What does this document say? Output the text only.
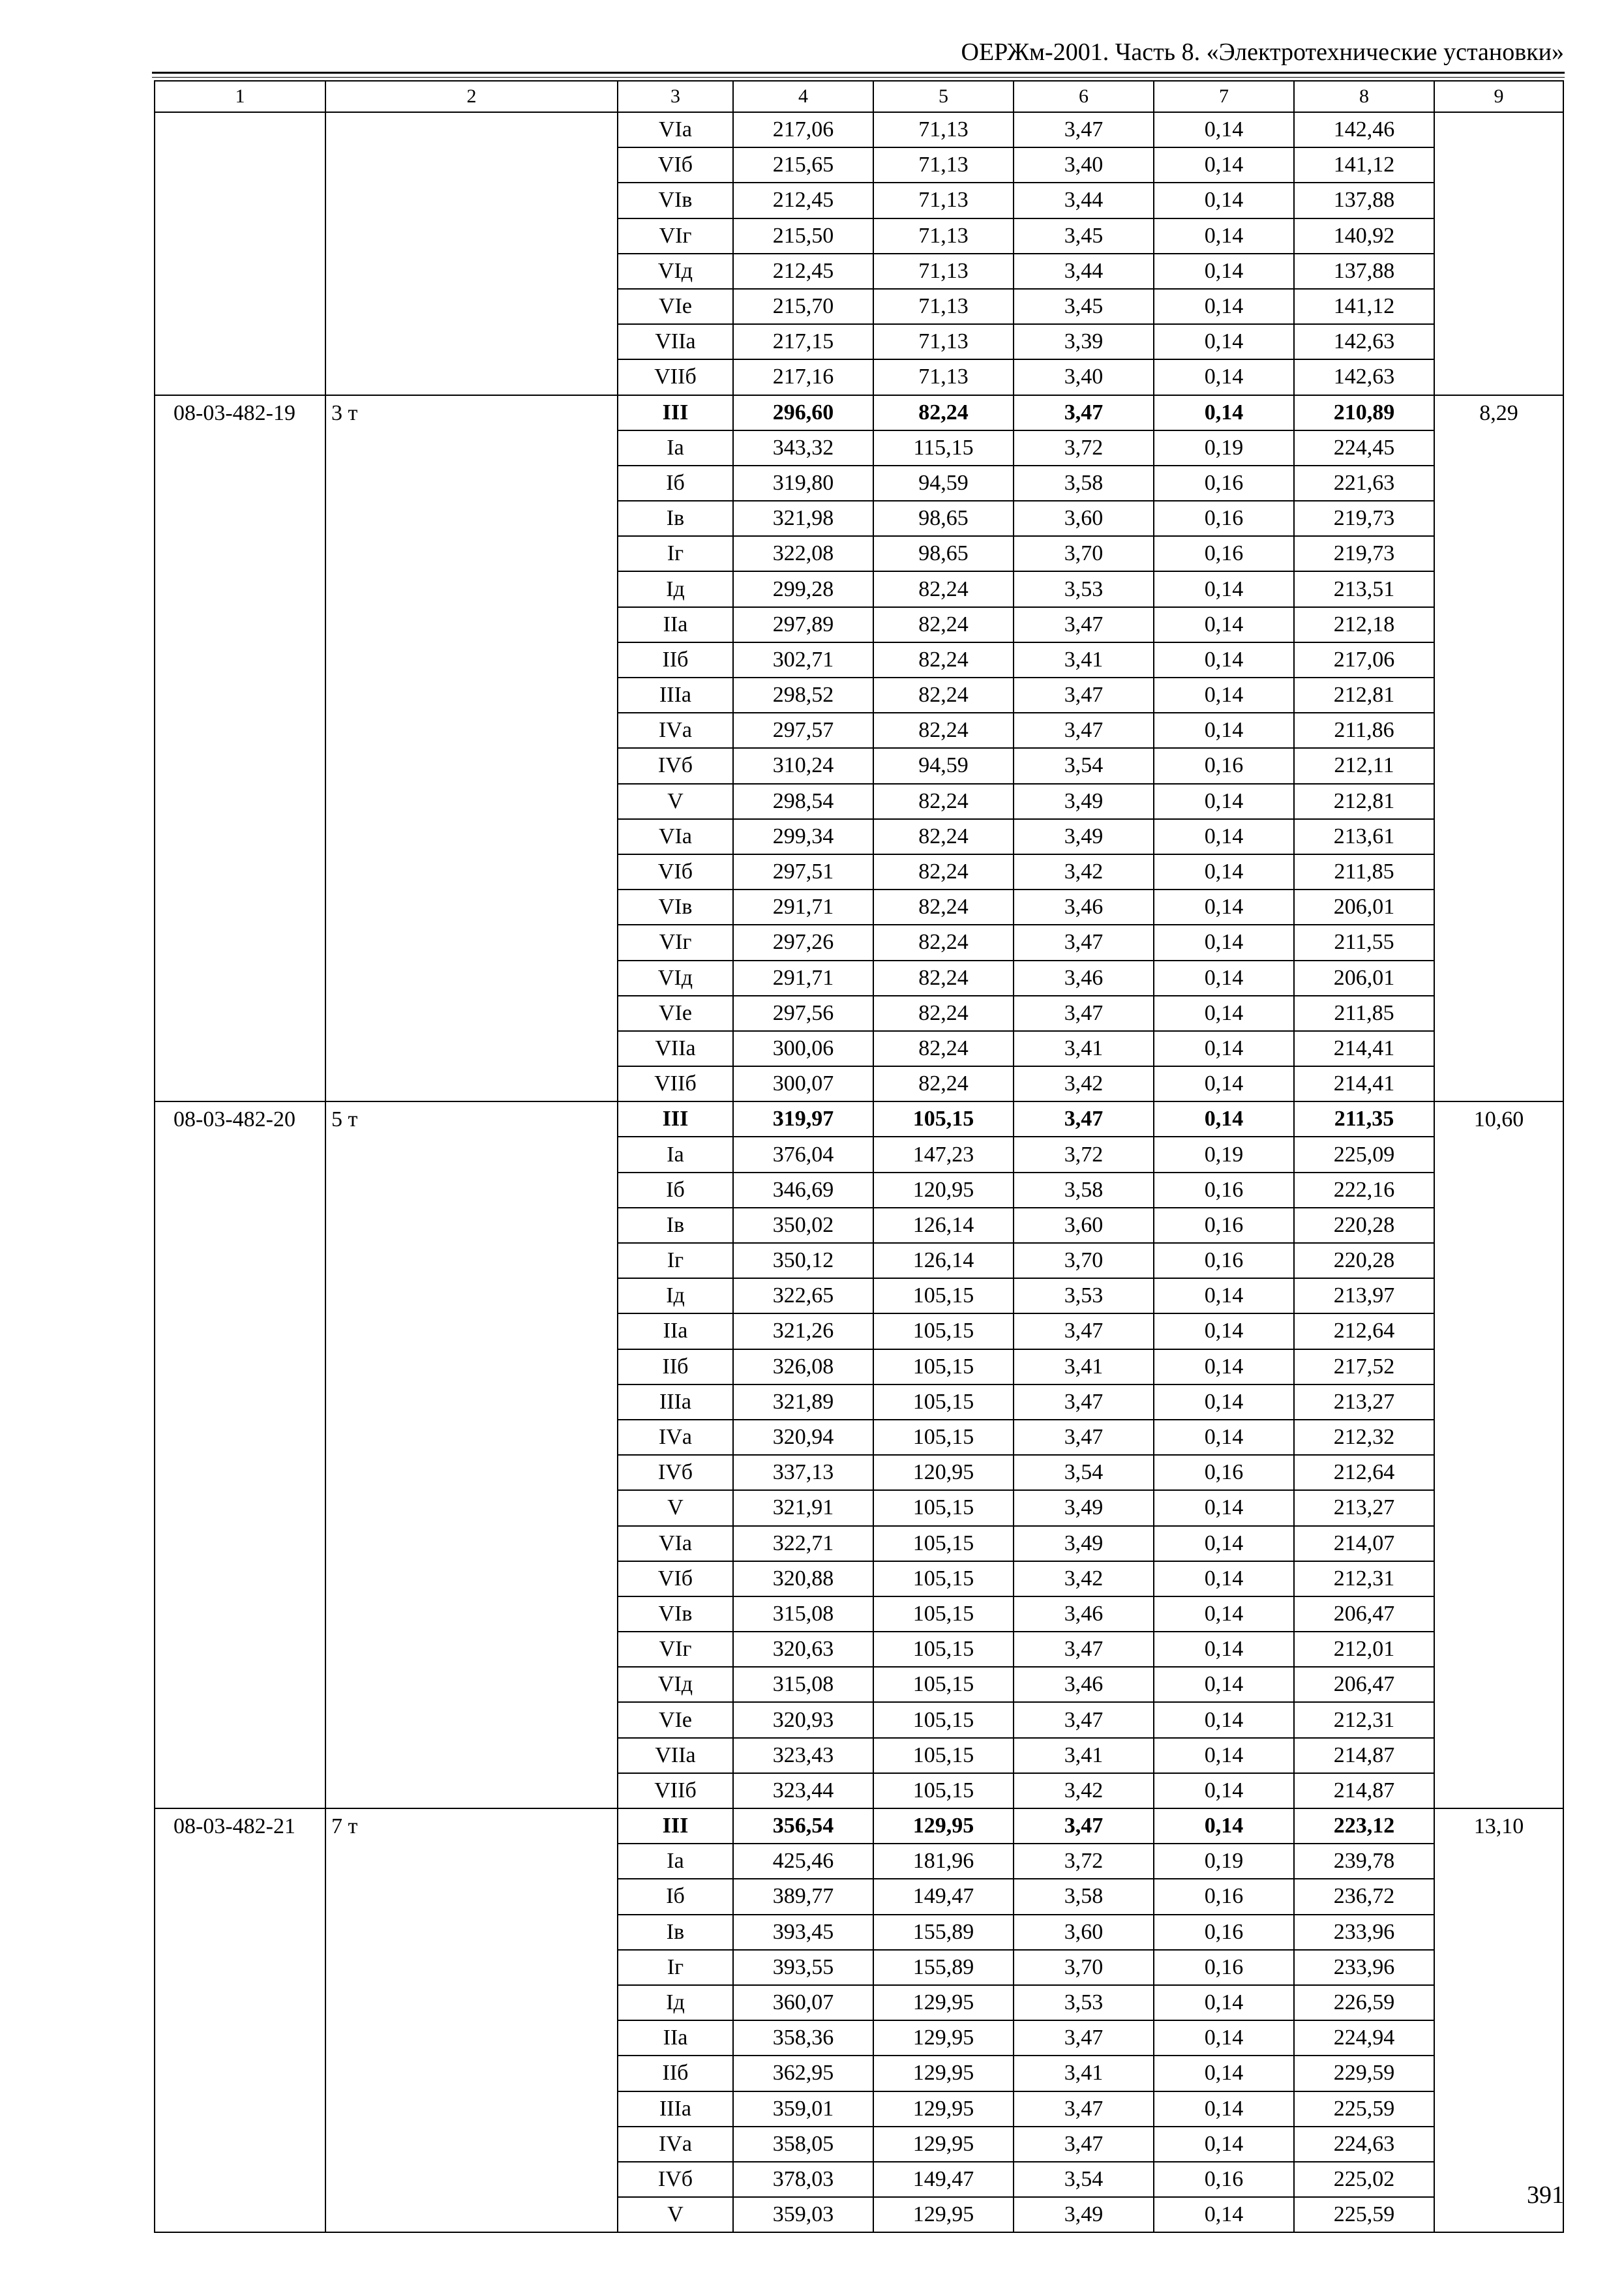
ОЕРЖм-2001. Часть 8. «Электротехнические установки»
1	2	3	4	5	6	7	8	9
		VIа	217,06	71,13	3,47	0,14	142,46	
		VIб	215,65	71,13	3,40	0,14	141,12	
		VIв	212,45	71,13	3,44	0,14	137,88	
		VIг	215,50	71,13	3,45	0,14	140,92	
		VIд	212,45	71,13	3,44	0,14	137,88	
		VIе	215,70	71,13	3,45	0,14	141,12	
		VIIа	217,15	71,13	3,39	0,14	142,63	
		VIIб	217,16	71,13	3,40	0,14	142,63	
08-03-482-19	3 т	III	296,60	82,24	3,47	0,14	210,89	8,29
		Iа	343,32	115,15	3,72	0,19	224,45	
		Iб	319,80	94,59	3,58	0,16	221,63	
		Iв	321,98	98,65	3,60	0,16	219,73	
		Iг	322,08	98,65	3,70	0,16	219,73	
		Iд	299,28	82,24	3,53	0,14	213,51	
		IIа	297,89	82,24	3,47	0,14	212,18	
		IIб	302,71	82,24	3,41	0,14	217,06	
		IIIа	298,52	82,24	3,47	0,14	212,81	
		IVа	297,57	82,24	3,47	0,14	211,86	
		IVб	310,24	94,59	3,54	0,16	212,11	
		V	298,54	82,24	3,49	0,14	212,81	
		VIа	299,34	82,24	3,49	0,14	213,61	
		VIб	297,51	82,24	3,42	0,14	211,85	
		VIв	291,71	82,24	3,46	0,14	206,01	
		VIг	297,26	82,24	3,47	0,14	211,55	
		VIд	291,71	82,24	3,46	0,14	206,01	
		VIе	297,56	82,24	3,47	0,14	211,85	
		VIIа	300,06	82,24	3,41	0,14	214,41	
		VIIб	300,07	82,24	3,42	0,14	214,41	
08-03-482-20	5 т	III	319,97	105,15	3,47	0,14	211,35	10,60
		Iа	376,04	147,23	3,72	0,19	225,09	
		Iб	346,69	120,95	3,58	0,16	222,16	
		Iв	350,02	126,14	3,60	0,16	220,28	
		Iг	350,12	126,14	3,70	0,16	220,28	
		Iд	322,65	105,15	3,53	0,14	213,97	
		IIа	321,26	105,15	3,47	0,14	212,64	
		IIб	326,08	105,15	3,41	0,14	217,52	
		IIIа	321,89	105,15	3,47	0,14	213,27	
		IVа	320,94	105,15	3,47	0,14	212,32	
		IVб	337,13	120,95	3,54	0,16	212,64	
		V	321,91	105,15	3,49	0,14	213,27	
		VIа	322,71	105,15	3,49	0,14	214,07	
		VIб	320,88	105,15	3,42	0,14	212,31	
		VIв	315,08	105,15	3,46	0,14	206,47	
		VIг	320,63	105,15	3,47	0,14	212,01	
		VIд	315,08	105,15	3,46	0,14	206,47	
		VIе	320,93	105,15	3,47	0,14	212,31	
		VIIа	323,43	105,15	3,41	0,14	214,87	
		VIIб	323,44	105,15	3,42	0,14	214,87	
08-03-482-21	7 т	III	356,54	129,95	3,47	0,14	223,12	13,10
		Iа	425,46	181,96	3,72	0,19	239,78	
		Iб	389,77	149,47	3,58	0,16	236,72	
		Iв	393,45	155,89	3,60	0,16	233,96	
		Iг	393,55	155,89	3,70	0,16	233,96	
		Iд	360,07	129,95	3,53	0,14	226,59	
		IIа	358,36	129,95	3,47	0,14	224,94	
		IIб	362,95	129,95	3,41	0,14	229,59	
		IIIа	359,01	129,95	3,47	0,14	225,59	
		IVа	358,05	129,95	3,47	0,14	224,63	
		IVб	378,03	149,47	3,54	0,16	225,02	
		V	359,03	129,95	3,49	0,14	225,59	
391
